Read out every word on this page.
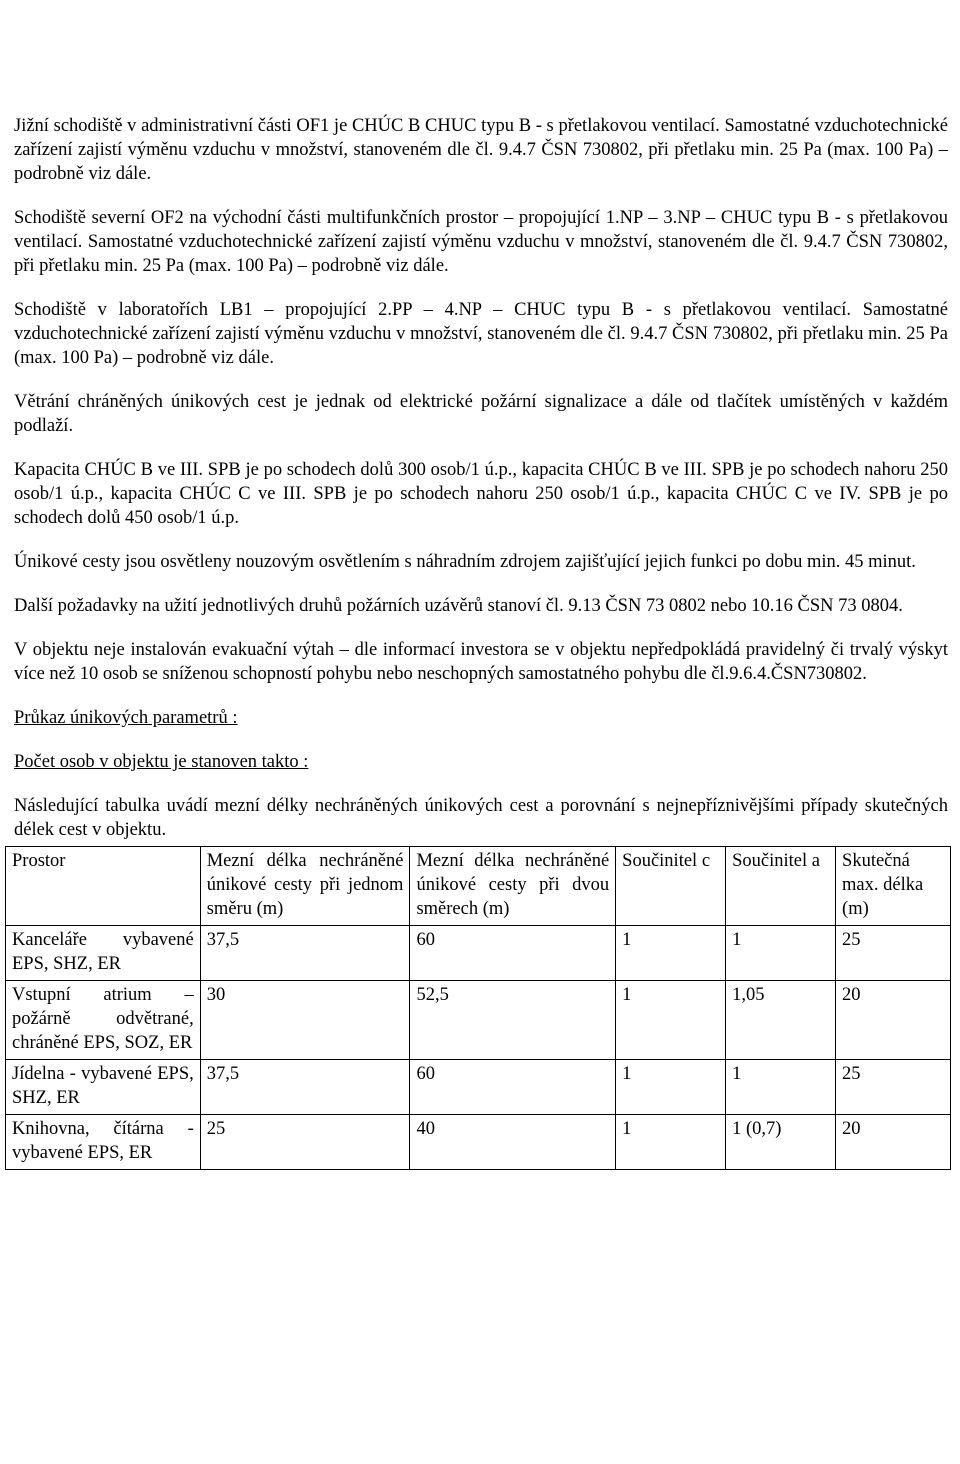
Jižní schodiště v administrativní části OF1 je CHÚC B CHUC typu B - s přetlakovou ventilací. Samostatné vzduchotechnické zařízení zajistí výměnu vzduchu v množství, stanoveném dle čl. 9.4.7 ČSN 730802, při přetlaku min. 25 Pa (max. 100 Pa) – podrobně viz dále.

Schodiště severní OF2 na východní části multifunkčních prostor – propojující 1.NP – 3.NP – CHUC typu B - s přetlakovou ventilací. Samostatné vzduchotechnické zařízení zajistí výměnu vzduchu v množství, stanoveném dle čl. 9.4.7 ČSN 730802, při přetlaku min. 25 Pa (max. 100 Pa) – podrobně viz dále.

Schodiště v laboratořích LB1 – propojující 2.PP – 4.NP – CHUC typu B - s přetlakovou ventilací. Samostatné vzduchotechnické zařízení zajistí výměnu vzduchu v množství, stanoveném dle čl. 9.4.7 ČSN 730802, při přetlaku min. 25 Pa (max. 100 Pa) – podrobně viz dále.

Větrání chráněných únikových cest je jednak od elektrické požární signalizace a dále od tlačítek umístěných v každém podlaží.

Kapacita CHÚC B ve III. SPB je po schodech dolů 300 osob/1 ú.p., kapacita CHÚC B ve III. SPB je po schodech nahoru 250 osob/1 ú.p., kapacita CHÚC C ve III. SPB je po schodech nahoru 250 osob/1 ú.p., kapacita CHÚC C ve IV. SPB je po schodech dolů 450 osob/1 ú.p.

Únikové cesty jsou osvětleny nouzovým osvětlením s náhradním zdrojem zajišťující jejich funkci po dobu min. 45 minut.

Další požadavky na užití jednotlivých druhů požárních uzávěrů stanoví čl. 9.13 ČSN 73 0802 nebo 10.16 ČSN 73 0804.

V objektu neje instalován evakuační výtah – dle informací investora se v objektu nepředpokládá pravidelný či trvalý výskyt více než 10 osob se sníženou schopností pohybu nebo neschopných samostatného pohybu dle čl.9.6.4.ČSN730802.

Průkaz únikových parametrů :

Počet osob v objektu je stanoven takto :

Následující tabulka uvádí mezní délky nechráněných únikových cest a porovnání s nejnepříznivějšími případy skutečných délek cest v objektu.

Prostor	Mezní délka nechráněné únikové cesty při jednom směru (m)	Mezní délka nechráněné únikové cesty při dvou směrech (m)	Součinitel c	Součinitel a	Skutečná max. délka (m)
Kanceláře vybavené EPS, SHZ, ER	37,5	60	1	1	25
Vstupní atrium – požárně odvětrané, chráněné EPS, SOZ, ER	30	52,5	1	1,05	20
Jídelna - vybavené EPS, SHZ, ER	37,5	60	1	1	25
Knihovna, čítárna - vybavené EPS, ER	25	40	1	1 (0,7)	20
